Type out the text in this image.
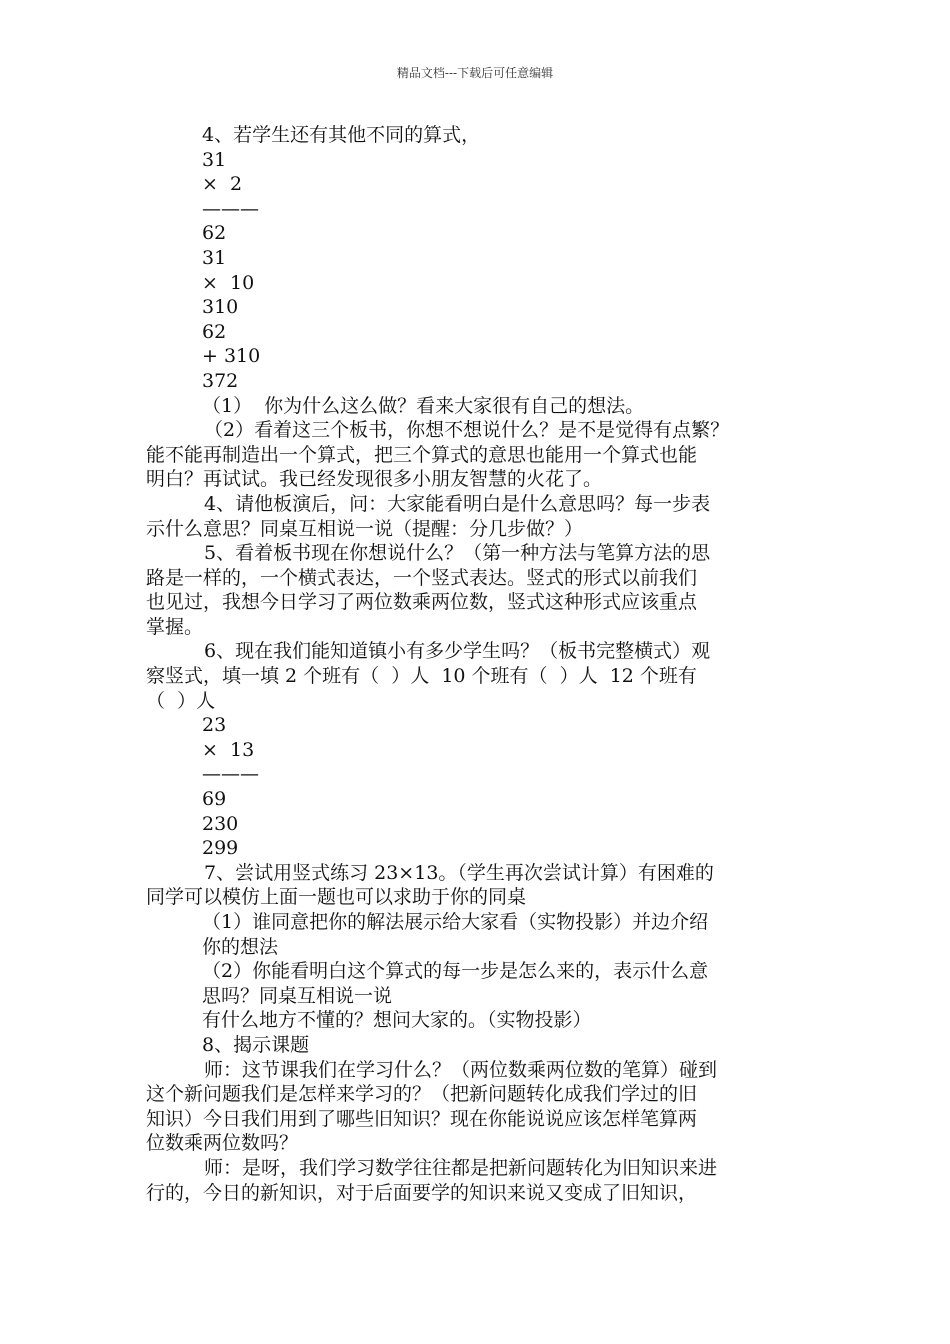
精品文档---下载后可任意编辑
4、若学生还有其他不同的算式，
31
×  2
———
62
31
×  10
310
62
+ 310
372
（1）  你为什么这么做？看来大家很有自己的想法。
（2）看着这三个板书，你想不想说什么？是不是觉得有点繁？
能不能再制造出一个算式，把三个算式的意思也能用一个算式也能
明白？再试试。我已经发现很多小朋友智慧的火花了。
4、请他板演后，问：大家能看明白是什么意思吗？每一步表
示什么意思？同桌互相说一说（提醒：分几步做？）
5、看着板书现在你想说什么？（第一种方法与笔算方法的思
路是一样的，一个横式表达，一个竖式表达。竖式的形式以前我们
也见过，我想今日学习了两位数乘两位数，竖式这种形式应该重点
掌握。
6、现在我们能知道镇小有多少学生吗？（板书完整横式）观
察竖式，填一填 2 个班有（  ）人  10 个班有（  ）人  12 个班有
（  ）人
23
×  13
———
69
230
299
7、尝试用竖式练习 23×13。（学生再次尝试计算）有困难的
同学可以模仿上面一题也可以求助于你的同桌
（1）谁同意把你的解法展示给大家看（实物投影）并边介绍
你的想法
（2）你能看明白这个算式的每一步是怎么来的，表示什么意
思吗？同桌互相说一说
有什么地方不懂的？想问大家的。（实物投影）
8、揭示课题
师：这节课我们在学习什么？（两位数乘两位数的笔算）碰到
这个新问题我们是怎样来学习的？（把新问题转化成我们学过的旧
知识）今日我们用到了哪些旧知识？现在你能说说应该怎样笔算两
位数乘两位数吗？
师：是呀，我们学习数学往往都是把新问题转化为旧知识来进
行的，今日的新知识，对于后面要学的知识来说又变成了旧知识，
